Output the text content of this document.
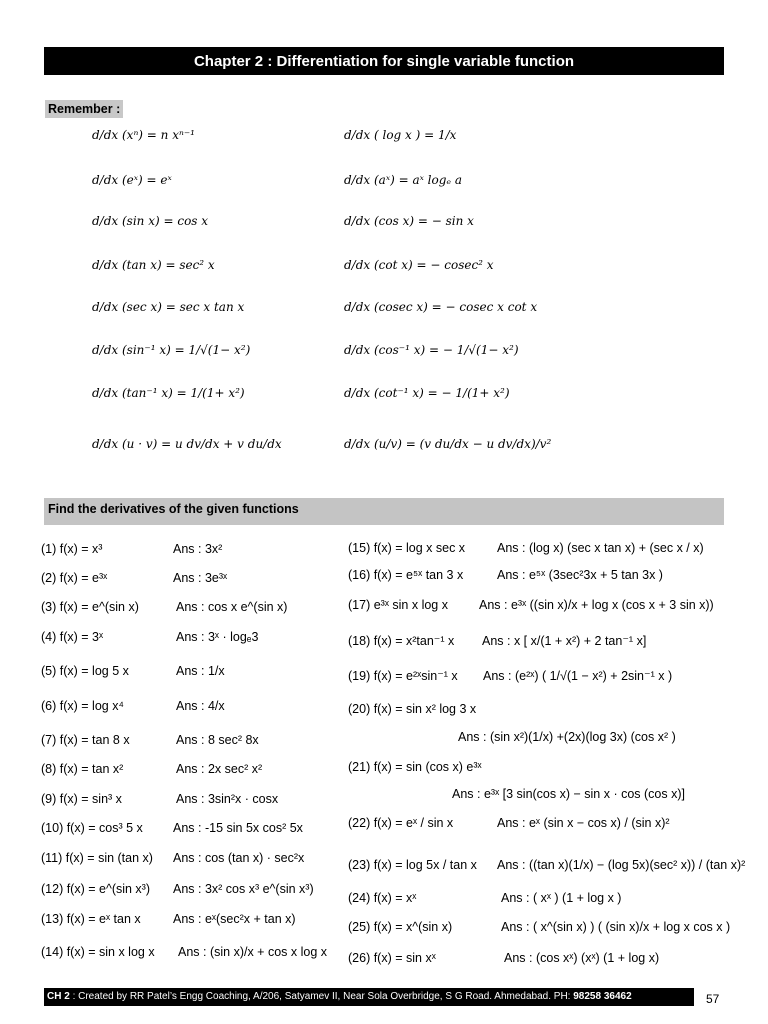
Chapter 2 : Differentiation for single variable function
Remember :
d/dx (xⁿ) = n xⁿ⁻¹	d/dx ( log x ) = 1/x
d/dx (eˣ) = eˣ	d/dx (aˣ) = aˣ logₑ a
d/dx (sin x) = cos x	d/dx (cos x) = − sin x
d/dx (tan x) = sec² x	d/dx (cot x) = − cosec² x
d/dx (sec x) = sec x tan x	d/dx (cosec x) = − cosec x cot x
d/dx (sin⁻¹ x) = 1/√(1− x²)	d/dx (cos⁻¹ x) = − 1/√(1− x²)
d/dx (tan⁻¹ x) = 1/(1+ x²)	d/dx (cot⁻¹ x) = − 1/(1+ x²)
d/dx (u · v) = u dv/dx + v du/dx	d/dx (u/v) = (v du/dx − u dv/dx)/v²
Find the derivatives of the given functions
(1) f(x) = x³	Ans : 3x²
(2) f(x) = e³ˣ	Ans : 3e³ˣ
(3) f(x) = e^(sin x)	Ans : cos x e^(sin x)
(4) f(x) = 3ˣ	Ans : 3ˣ · logₑ3
(5) f(x) = log 5 x	Ans : 1/x
(6) f(x) = log x⁴	Ans : 4/x
(7) f(x) = tan 8 x	Ans : 8 sec² 8x
(8) f(x) = tan x²	Ans : 2x sec² x²
(9) f(x) = sin³ x	Ans : 3sin²x · cosx
(10) f(x) = cos³ 5 x Ans : -15 sin 5x cos² 5x
(11) f(x) = sin (tan x) Ans : cos (tan x) · sec²x
(12) f(x) = e^(sin x³) Ans : 3x² cos x³ e^(sin x³)
(13) f(x) = eˣ tan x	Ans : eˣ(sec²x + tan x)
(14) f(x) = sin x log x Ans : (sin x)/x + cos x log x
(15) f(x) = log x sec x	Ans : (log x) (sec x tan x) + (sec x / x)
(16) f(x) = e⁵ˣ tan 3 x	Ans : e⁵ˣ (3sec²3x + 5 tan 3x )
(17) e³ˣ sin x log x Ans : e³ˣ ((sin x)/x + log x (cos x + 3 sin x))
(18) f(x) = x²tan⁻¹ x Ans : x [ x/(1 + x²) + 2 tan⁻¹ x]
(19) f(x) = e²ˣsin⁻¹ x Ans : (e²ˣ) ( 1/√(1 − x²) + 2sin⁻¹ x )
(20) f(x) = sin x² log 3 x
Ans : (sin x²)(1/x) +(2x)(log 3x) (cos x² )
(21) f(x) = sin (cos x) e³ˣ
Ans : e³ˣ [3 sin(cos x) − sin x · cos (cos x)]
(22) f(x) = eˣ / sin x	Ans : eˣ (sin x − cos x) / (sin x)²
(23) f(x) = log 5x / tan x Ans : ((tan x)(1/x) − (log 5x)(sec² x)) / (tan x)²
(24) f(x) = xˣ	Ans : ( xˣ ) (1 + log x )
(25) f(x) = x^(sin x)	Ans : ( x^(sin x) ) ( (sin x)/x + log x cos x )
(26) f(x) = sin xˣ	Ans : (cos xˣ) (xˣ) (1 + log x)
CH 2 : Created by RR Patel’s Engg Coaching, A/206, Satyamev II, Near Sola Overbridge, S G Road. Ahmedabad. PH: 98258 36462	57
